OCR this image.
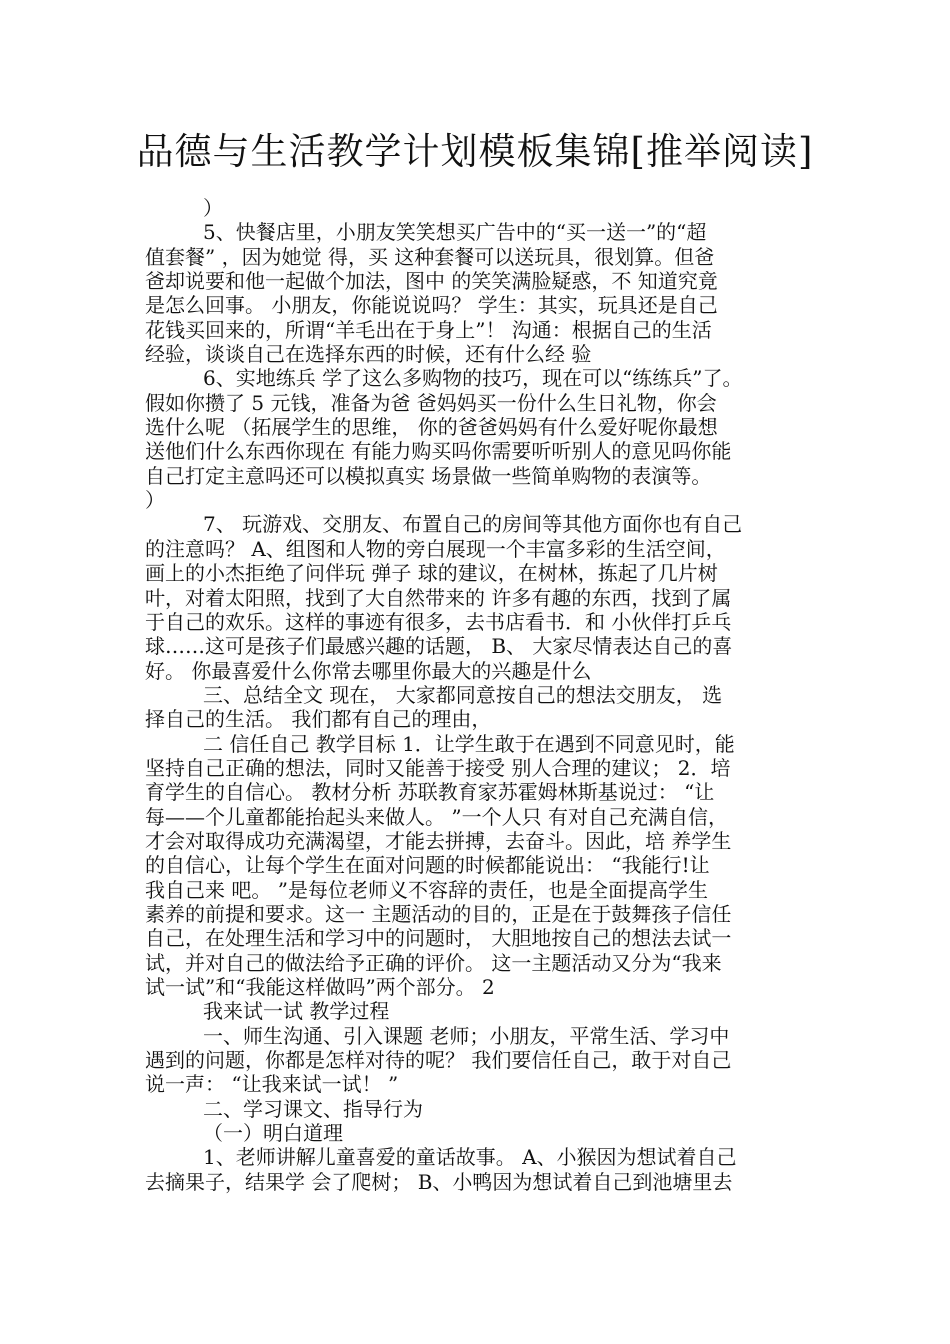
品德与生活教学计划模板集锦[推举阅读]
）
5、快餐店里，小朋友笑笑想买广告中的“买一送一”的“超
值套餐” ，因为她觉 得，买 这种套餐可以送玩具，很划算。但爸
爸却说要和他一起做个加法，图中 的笑笑满脸疑惑，不 知道究竟
是怎么回事。 小朋友，你能说说吗？ 学生：其实，玩具还是自己
花钱买回来的，所谓“羊毛出在于身上”！ 沟通：根据自己的生活
经验，谈谈自己在选择东西的时候，还有什么经 验
6、实地练兵 学了这么多购物的技巧，现在可以“练练兵”了。
假如你攒了 5 元钱，准备为爸 爸妈妈买一份什么生日礼物，你会
选什么呢 （拓展学生的思维， 你的爸爸妈妈有什么爱好呢你最想
送他们什么东西你现在 有能力购买吗你需要听听别人的意见吗你能
自己打定主意吗还可以模拟真实 场景做一些简单购物的表演等。
）
7、 玩游戏、交朋友、布置自己的房间等其他方面你也有自己
的注意吗？ A、组图和人物的旁白展现一个丰富多彩的生活空间，
画上的小杰拒绝了问伴玩 弹子 球的建议，在树林，拣起了几片树
叶，对着太阳照，找到了大自然带来的 许多有趣的东西，找到了属
于自己的欢乐。这样的事迹有很多，去书店看书．和 小伙伴打乒乓
球……这可是孩子们最感兴趣的话题， B、 大家尽情表达自己的喜
好。 你最喜爱什么你常去哪里你最大的兴趣是什么
三、总结全文 现在， 大家都同意按自己的想法交朋友， 选
择自己的生活。 我们都有自己的理由，
二 信任自己 教学目标 1．让学生敢于在遇到不同意见时，能
坚持自己正确的想法，同时又能善于接受 别人合理的建议； 2．培
育学生的自信心。 教材分析 苏联教育家苏霍姆林斯基说过： “让
每——个儿童都能抬起头来做人。 ”一个人只 有对自己充满自信，
才会对取得成功充满渴望，才能去拼搏，去奋斗。因此，培 养学生
的自信心，让每个学生在面对问题的时候都能说出： “我能行!让
我自己来 吧。 ”是每位老师义不容辞的责任，也是全面提高学生
素养的前提和要求。这一 主题活动的目的，正是在于鼓舞孩子信任
自己，在处理生活和学习中的问题时， 大胆地按自己的想法去试一
试，并对自己的做法给予正确的评价。 这一主题活动又分为“我来
试一试”和“我能这样做吗”两个部分。 2
我来试一试 教学过程
一、师生沟通、引入课题 老师；小朋友，平常生活、学习中
遇到的问题，你都是怎样对待的呢？ 我们要信任自己，敢于对自己
说一声： “让我来试一试！ ”
二、学习课文、指导行为
（一）明白道理
1、老师讲解儿童喜爱的童话故事。 A、小猴因为想试着自己
去摘果子，结果学 会了爬树； B、小鸭因为想试着自己到池塘里去
